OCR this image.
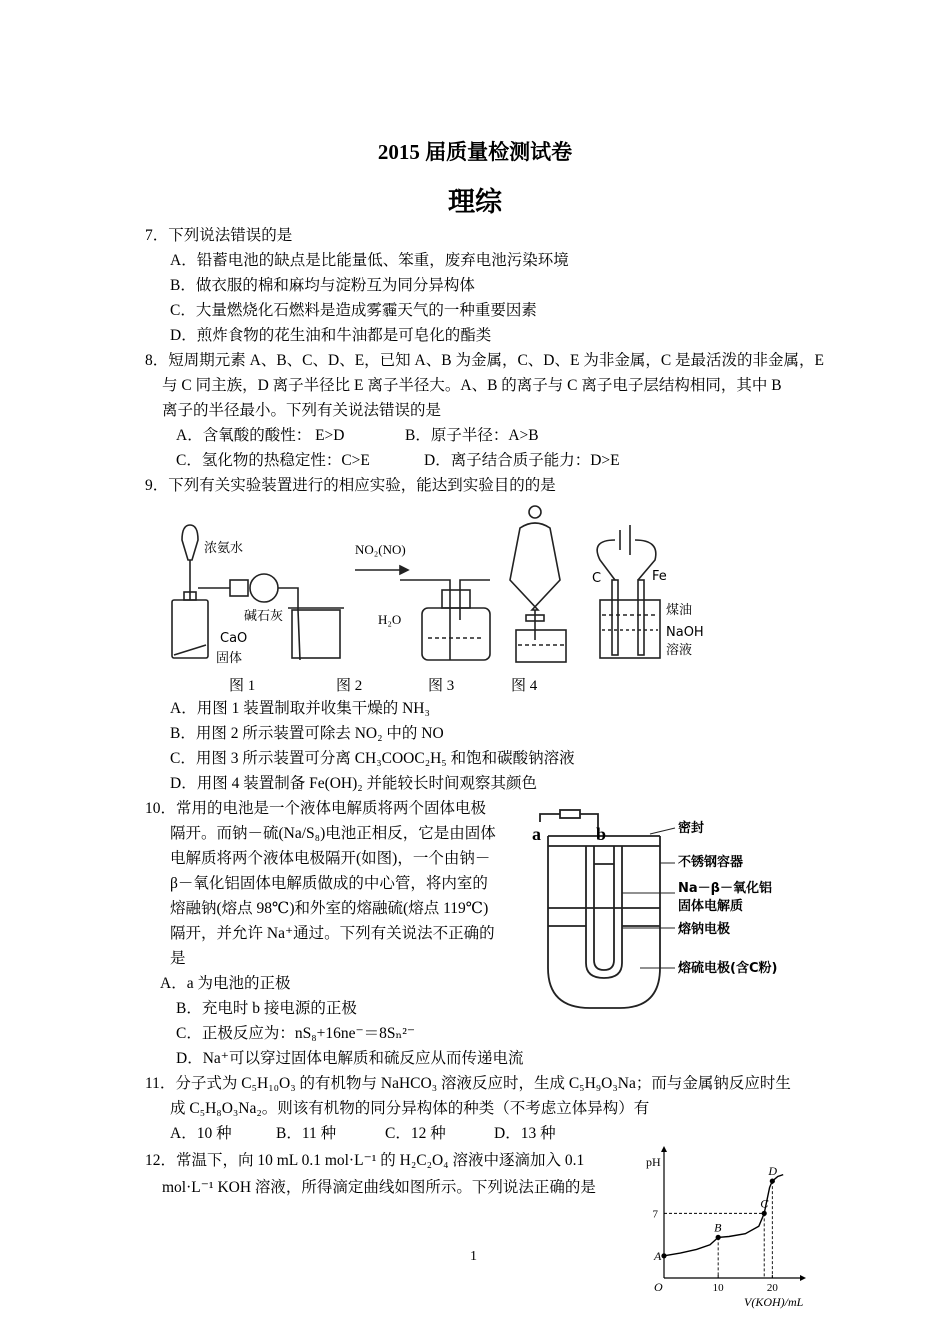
2015 届质量检测试卷
理综
7．下列说法错误的是
A．铅蓄电池的缺点是比能量低、笨重，废弃电池污染环境
B．做衣服的棉和麻均与淀粉互为同分异构体
C．大量燃烧化石燃料是造成雾霾天气的一种重要因素
D．煎炸食物的花生油和牛油都是可皂化的酯类
8．短周期元素 A、B、C、D、E，已知 A、B 为金属，C、D、E 为非金属，C 是最活泼的非金属，E
与 C 同主族，D 离子半径比 E 离子半径大。A、B 的离子与 C 离子电子层结构相同，其中 B
离子的半径最小。下列有关说法错误的是
A．含氧酸的酸性： E>D	B．原子半径：A>B
C．氢化物的热稳定性：C>E	D．离子结合质子能力：D>E
9．下列有关实验装置进行的相应实验，能达到实验目的的是
浓氨水
碱石灰
CaO
固体
NO₂(NO)
H₂O
C	Fe
煤油
NaOH
溶液
图 1	图 2	图 3	图 4
A．用图 1 装置制取并收集干燥的 NH₃
B．用图 2 所示装置可除去 NO₂ 中的 NO
C．用图 3 所示装置可分离 CH₃COOC₂H₅ 和饱和碳酸钠溶液
D．用图 4 装置制备 Fe(OH)₂ 并能较长时间观察其颜色
10．常用的电池是一个液体电解质将两个固体电极
隔开。而钠－硫(Na/S₈)电池正相反，它是由固体
电解质将两个液体电极隔开(如图)，一个由钠－
β－氧化铝固体电解质做成的中心管，将内室的
熔融钠(熔点 98℃)和外室的熔融硫(熔点 119℃)
隔开，并允许 Na⁺通过。下列有关说法不正确的
是
A．a 为电池的正极
B．充电时 b 接电源的正极
C．正极反应为：nS₈+16ne⁻＝8Sₙ²⁻
D．Na⁺可以穿过固体电解质和硫反应从而传递电流
a	b	密封
不锈钢容器
Na－β－氧化铝
固体电解质
熔钠电极
熔硫电极(含C粉)
11．分子式为 C₅H₁₀O₃ 的有机物与 NaHCO₃ 溶液反应时，生成 C₅H₉O₃Na；而与金属钠反应时生
成 C₅H₈O₃Na₂。则该有机物的同分异构体的种类（不考虑立体异构）有
A．10 种	B．11 种	C．12 种	D．13 种
12．常温下，向 10 mL 0.1 mol·L⁻¹ 的 H₂C₂O₄ 溶液中逐滴加入 0.1
mol·L⁻¹ KOH 溶液，所得滴定曲线如图所示。下列说法正确的是
10	20
7
A
B
C
D
pH
V(KOH)/mL
O
1
